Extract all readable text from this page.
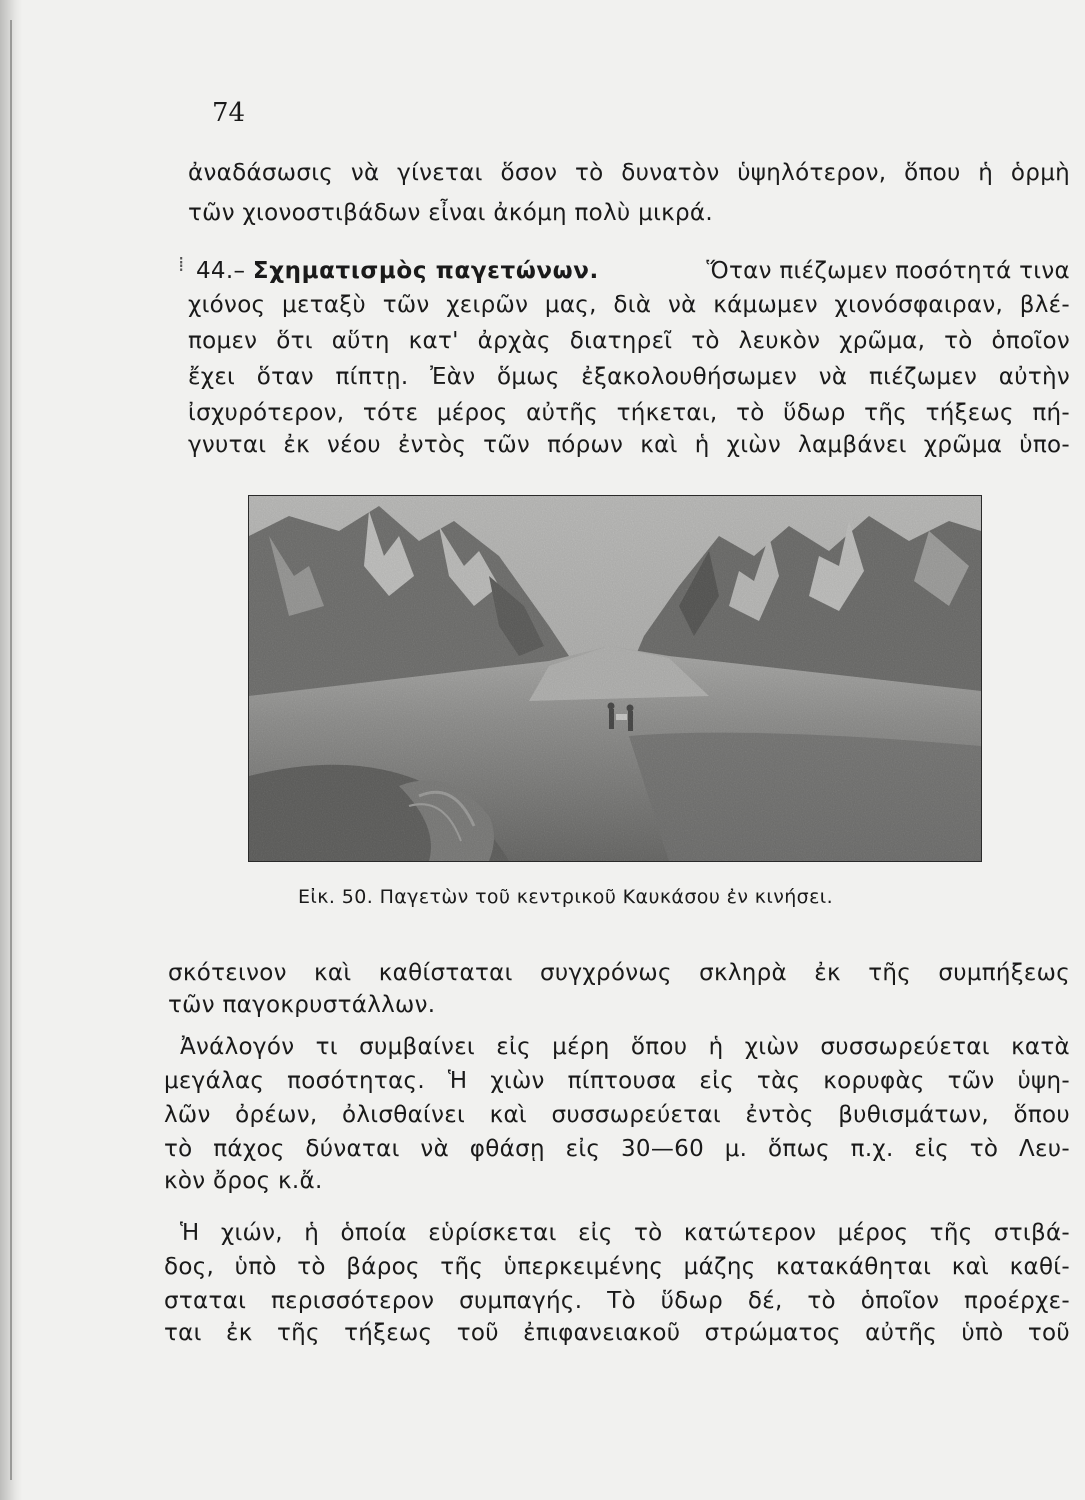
74
ἀναδάσωσις νὰ γίνεται ὅσον τὸ δυνατὸν ὑψηλότερον, ὅπου ἡ ὁρμὴ
τῶν χιονοστιβάδων εἶναι ἀκόμη πολὺ μικρά.
⁞ 44.– Σχηματισμὸς παγετώνων.	Ὅταν πιέζωμεν ποσότητά τινα
χιόνος μεταξὺ τῶν χειρῶν μας, διὰ νὰ κάμωμεν χιονόσφαιραν, βλέ-
πομεν ὅτι αὕτη κατ' ἀρχὰς διατηρεῖ τὸ λευκὸν χρῶμα, τὸ ὁποῖον
ἔχει ὅταν πίπτῃ. Ἐὰν ὅμως ἐξακολουθήσωμεν νὰ πιέζωμεν αὐτὴν
ἰσχυρότερον, τότε μέρος αὐτῆς τήκεται, τὸ ὕδωρ τῆς τήξεως πή-
γνυται ἐκ νέου ἐντὸς τῶν πόρων καὶ ἡ χιὼν λαμβάνει χρῶμα ὑπο-
Εἰκ. 50. Παγετὼν τοῦ κεντρικοῦ Καυκάσου ἐν κινήσει.
σκότεινον καὶ καθίσταται συγχρόνως σκληρὰ ἐκ τῆς συμπήξεως
τῶν παγοκρυστάλλων.
Ἀνάλογόν τι συμβαίνει εἰς μέρη ὅπου ἡ χιὼν συσσωρεύεται κατὰ
μεγάλας ποσότητας. Ἡ χιὼν πίπτουσα εἰς τὰς κορυφὰς τῶν ὑψη-
λῶν ὀρέων, ὀλισθαίνει καὶ συσσωρεύεται ἐντὸς βυθισμάτων, ὅπου
τὸ πάχος δύναται νὰ φθάσῃ εἰς 30—60 μ. ὅπως π.χ. εἰς τὸ Λευ-
κὸν ὄρος κ.ἄ.
Ἡ χιών, ἡ ὁποία εὑρίσκεται εἰς τὸ κατώτερον μέρος τῆς στιβά-
δος, ὑπὸ τὸ βάρος τῆς ὑπερκειμένης μάζης κατακάθηται καὶ καθί-
σταται περισσότερον συμπαγής. Τὸ ὕδωρ δέ, τὸ ὁποῖον προέρχε-
ται ἐκ τῆς τήξεως τοῦ ἐπιφανειακοῦ στρώματος αὐτῆς ὑπὸ τοῦ
